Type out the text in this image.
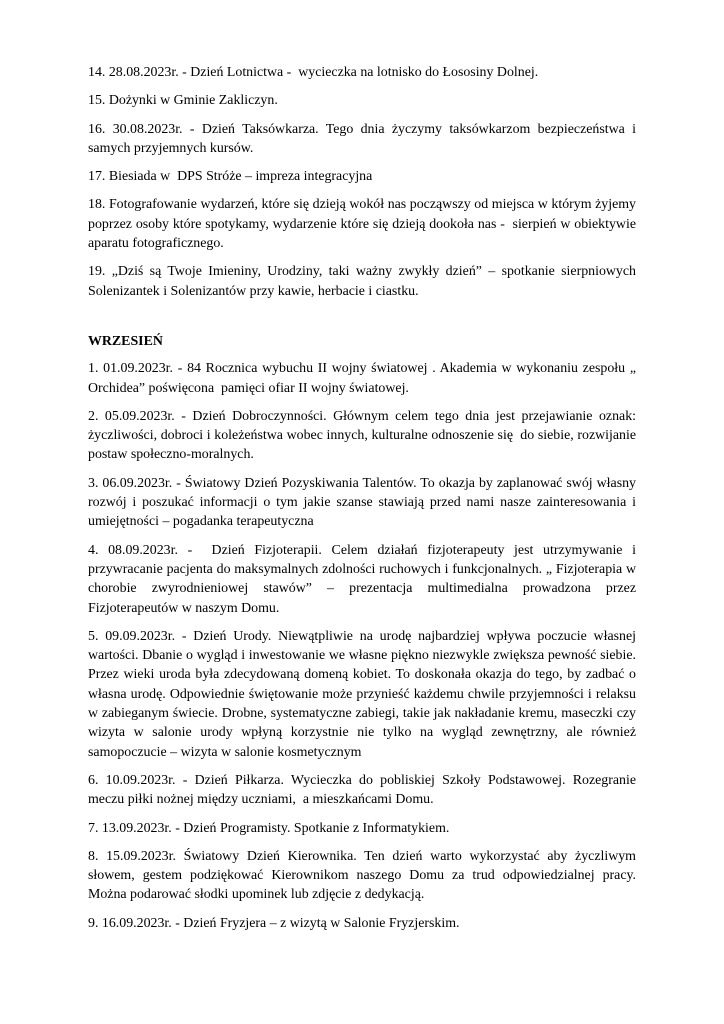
14. 28.08.2023r. - Dzień Lotnictwa -  wycieczka na lotnisko do Łososiny Dolnej.

15. Dożynki w Gminie Zakliczyn.

16. 30.08.2023r. - Dzień Taksówkarza. Tego dnia życzymy taksówkarzom bezpieczeństwa i samych przyjemnych kursów.

17. Biesiada w  DPS Stróże – impreza integracyjna

18. Fotografowanie wydarzeń, które się dzieją wokół nas począwszy od miejsca w którym żyjemy poprzez osoby które spotykamy, wydarzenie które się dzieją dookoła nas -  sierpień w obiektywie aparatu fotograficznego.

19. „Dziś są Twoje Imieniny, Urodziny, taki ważny zwykły dzień” – spotkanie sierpniowych Solenizantek i Solenizantów przy kawie, herbacie i ciastku.

WRZESIEŃ

1. 01.09.2023r. - 84 Rocznica wybuchu II wojny światowej . Akademia w wykonaniu zespołu „ Orchidea” poświęcona  pamięci ofiar II wojny światowej.

2. 05.09.2023r. - Dzień Dobroczynności. Głównym celem tego dnia jest przejawianie oznak: życzliwości, dobroci i koleżeństwa wobec innych, kulturalne odnoszenie się  do siebie, rozwijanie postaw społeczno-moralnych.

3. 06.09.2023r. - Światowy Dzień Pozyskiwania Talentów. To okazja by zaplanować swój własny rozwój i poszukać informacji o tym jakie szanse stawiają przed nami nasze zainteresowania i umiejętności – pogadanka terapeutyczna

4. 08.09.2023r. -  Dzień Fizjoterapii. Celem działań fizjoterapeuty jest utrzymywanie i przywracanie pacjenta do maksymalnych zdolności ruchowych i funkcjonalnych. „ Fizjoterapia w chorobie zwyrodnieniowej stawów” – prezentacja multimedialna prowadzona przez Fizjoterapeutów w naszym Domu.

5. 09.09.2023r. - Dzień Urody. Niewątpliwie na urodę najbardziej wpływa poczucie własnej wartości. Dbanie o wygląd i inwestowanie we własne piękno niezwykle zwiększa pewność siebie. Przez wieki uroda była zdecydowaną domeną kobiet. To doskonała okazja do tego, by zadbać o własna urodę. Odpowiednie świętowanie może przynieść każdemu chwile przyjemności i relaksu w zabieganym świecie. Drobne, systematyczne zabiegi, takie jak nakładanie kremu, maseczki czy wizyta w salonie urody wpłyną korzystnie nie tylko na wygląd zewnętrzny, ale również samopoczucie – wizyta w salonie kosmetycznym

6. 10.09.2023r. - Dzień Piłkarza. Wycieczka do pobliskiej Szkoły Podstawowej. Rozegranie meczu piłki nożnej między uczniami,  a mieszkańcami Domu.

7. 13.09.2023r. - Dzień Programisty. Spotkanie z Informatykiem.

8. 15.09.2023r. Światowy Dzień Kierownika. Ten dzień warto wykorzystać aby życzliwym słowem, gestem podziękować Kierownikom naszego Domu za trud odpowiedzialnej pracy. Można podarować słodki upominek lub zdjęcie z dedykacją.

9. 16.09.2023r. - Dzień Fryzjera – z wizytą w Salonie Fryzjerskim.
